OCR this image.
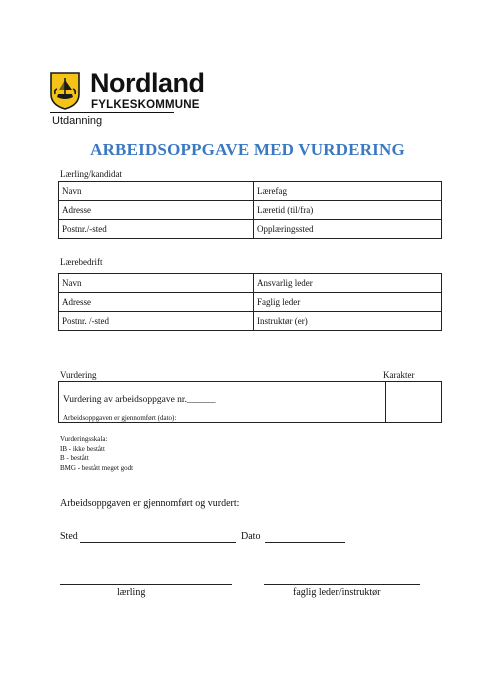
Nordland
FYLKESKOMMUNE
Utdanning
ARBEIDSOPPGAVE MED VURDERING
Lærling/kandidat
Navn	Lærefag
Adresse	Læretid (til/fra)
Postnr./-sted	Opplæringssted
Lærebedrift
Navn	Ansvarlig leder
Adresse	Faglig leder
Postnr. /-sted	Instruktør (er)
Vurdering	Karakter
Vurdering av arbeidsoppgave nr.______
Arbeidsoppgaven er gjennomført (dato):
Vurderingsskala:
IB - ikke bestått
B - bestått
BMG - bestått meget godt
Arbeidsoppgaven er gjennomført og vurdert:
Sted	Dato
lærling	faglig leder/instruktør
